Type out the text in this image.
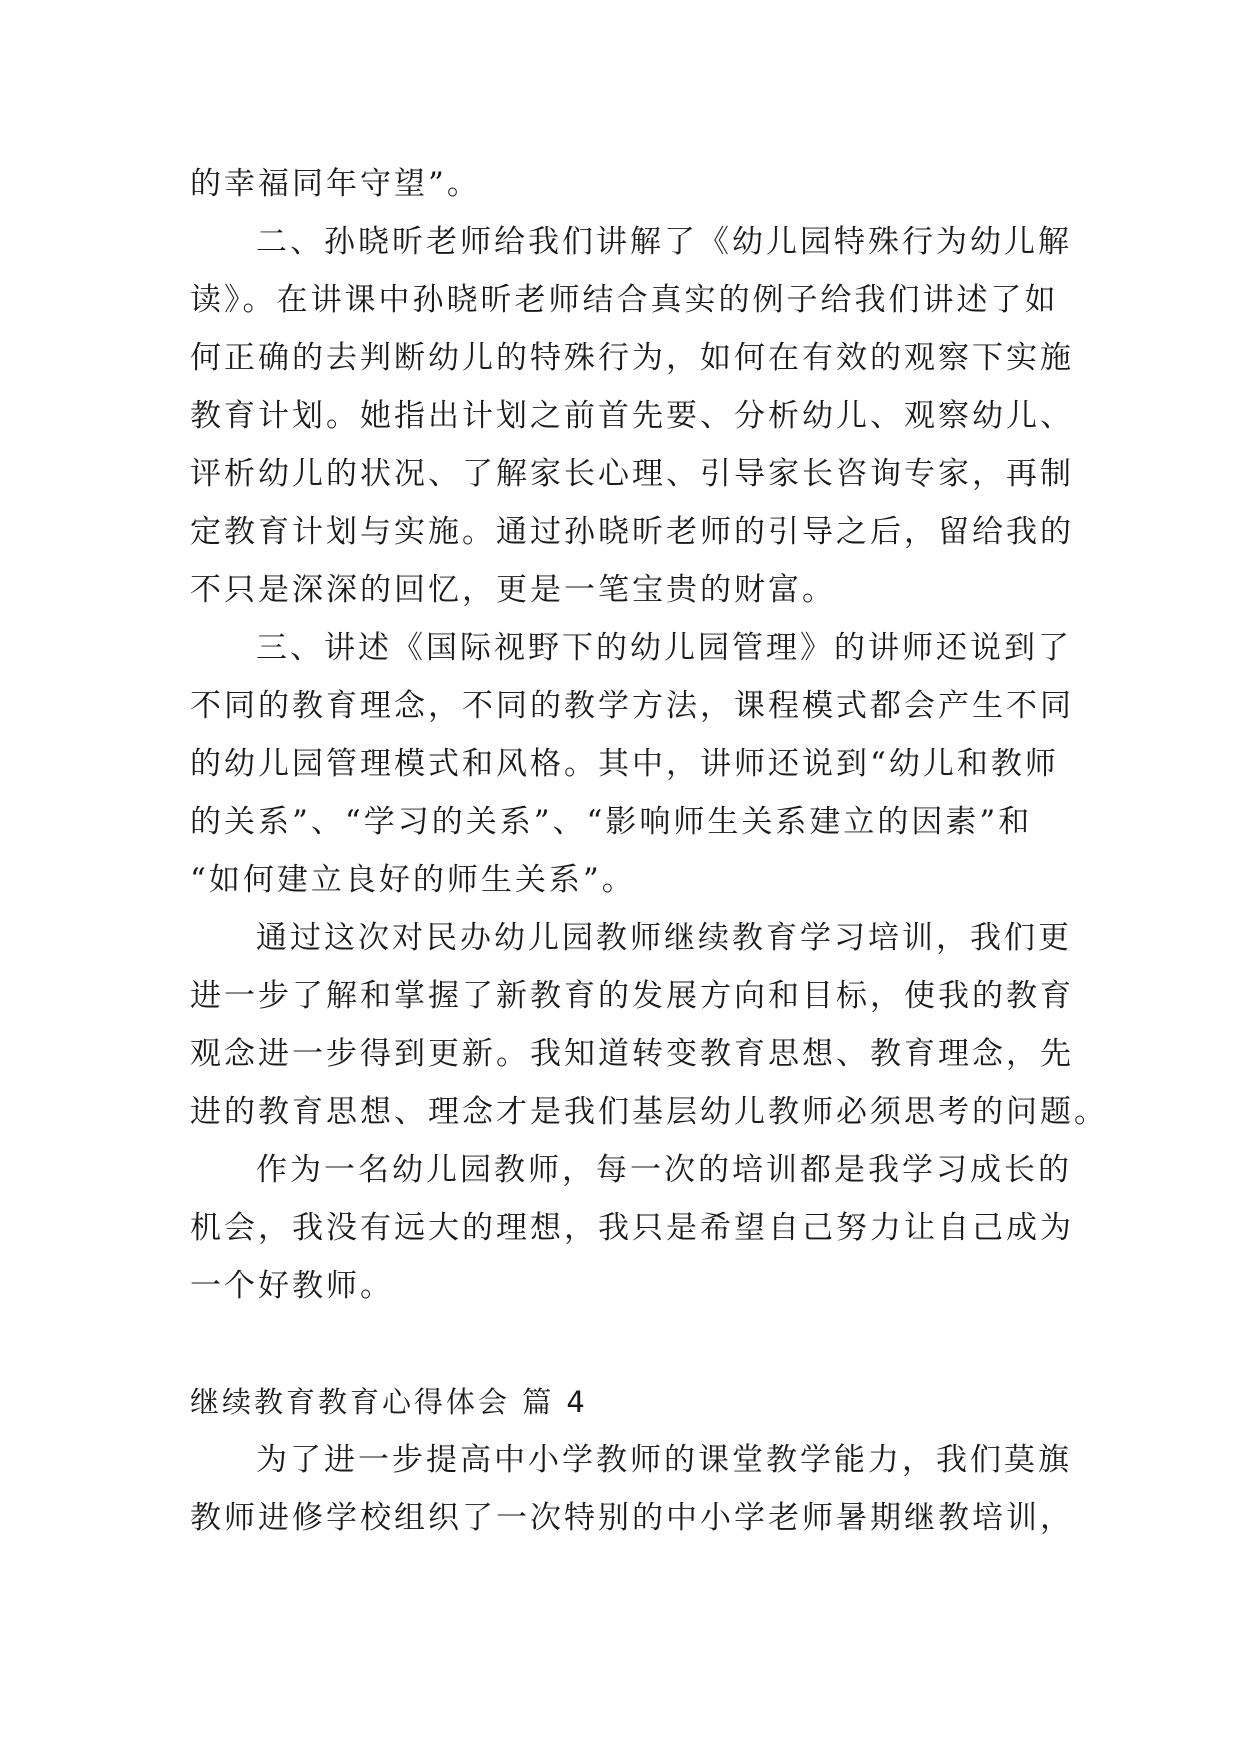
的幸福同年守望”。
二、孙晓昕老师给我们讲解了《幼儿园特殊行为幼儿解
读》。在讲课中孙晓昕老师结合真实的例子给我们讲述了如
何正确的去判断幼儿的特殊行为，如何在有效的观察下实施
教育计划。她指出计划之前首先要、分析幼儿、观察幼儿、
评析幼儿的状况、了解家长心理、引导家长咨询专家，再制
定教育计划与实施。通过孙晓昕老师的引导之后，留给我的
不只是深深的回忆，更是一笔宝贵的财富。
三、讲述《国际视野下的幼儿园管理》的讲师还说到了
不同的教育理念，不同的教学方法，课程模式都会产生不同
的幼儿园管理模式和风格。其中，讲师还说到“幼儿和教师
的关系”、“学习的关系”、“影响师生关系建立的因素”和
“如何建立良好的师生关系”。
通过这次对民办幼儿园教师继续教育学习培训，我们更
进一步了解和掌握了新教育的发展方向和目标，使我的教育
观念进一步得到更新。我知道转变教育思想、教育理念，先
进的教育思想、理念才是我们基层幼儿教师必须思考的问题。
作为一名幼儿园教师，每一次的培训都是我学习成长的
机会，我没有远大的理想，我只是希望自己努力让自己成为
一个好教师。
继续教育教育心得体会 篇 4
为了进一步提高中小学教师的课堂教学能力，我们莫旗
教师进修学校组织了一次特别的中小学老师暑期继教培训，
